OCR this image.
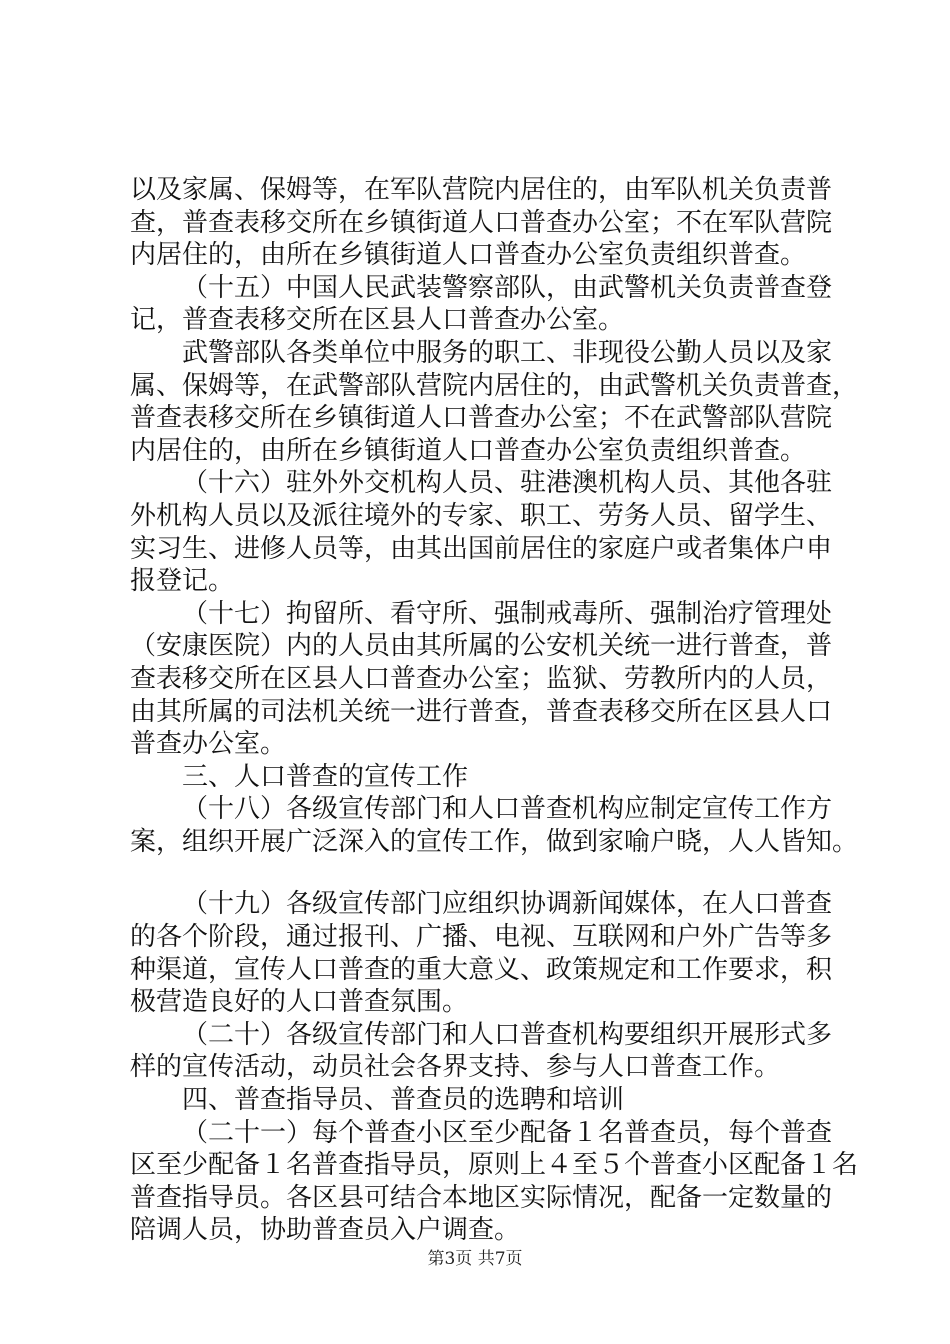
以及家属、保姆等，在军队营院内居住的，由军队机关负责普
查，普查表移交所在乡镇街道人口普查办公室；不在军队营院
内居住的，由所在乡镇街道人口普查办公室负责组织普查。
（十五）中国人民武装警察部队，由武警机关负责普查登
记，普查表移交所在区县人口普查办公室。
武警部队各类单位中服务的职工、非现役公勤人员以及家
属、保姆等，在武警部队营院内居住的，由武警机关负责普查，
普查表移交所在乡镇街道人口普查办公室；不在武警部队营院
内居住的，由所在乡镇街道人口普查办公室负责组织普查。
（十六）驻外外交机构人员、驻港澳机构人员、其他各驻
外机构人员以及派往境外的专家、职工、劳务人员、留学生、
实习生、进修人员等，由其出国前居住的家庭户或者集体户申
报登记。
（十七）拘留所、看守所、强制戒毒所、强制治疗管理处
（安康医院）内的人员由其所属的公安机关统一进行普查，普
查表移交所在区县人口普查办公室；监狱、劳教所内的人员，
由其所属的司法机关统一进行普查，普查表移交所在区县人口
普查办公室。
三、人口普查的宣传工作
（十八）各级宣传部门和人口普查机构应制定宣传工作方
案，组织开展广泛深入的宣传工作，做到家喻户晓，人人皆知。
（十九）各级宣传部门应组织协调新闻媒体，在人口普查
的各个阶段，通过报刊、广播、电视、互联网和户外广告等多
种渠道，宣传人口普查的重大意义、政策规定和工作要求，积
极营造良好的人口普查氛围。
（二十）各级宣传部门和人口普查机构要组织开展形式多
样的宣传活动，动员社会各界支持、参与人口普查工作。
四、普查指导员、普查员的选聘和培训
（二十一）每个普查小区至少配备１名普查员，每个普查
区至少配备１名普查指导员，原则上４至５个普查小区配备１名
普查指导员。各区县可结合本地区实际情况，配备一定数量的
陪调人员，协助普查员入户调查。
第3页 共7页
